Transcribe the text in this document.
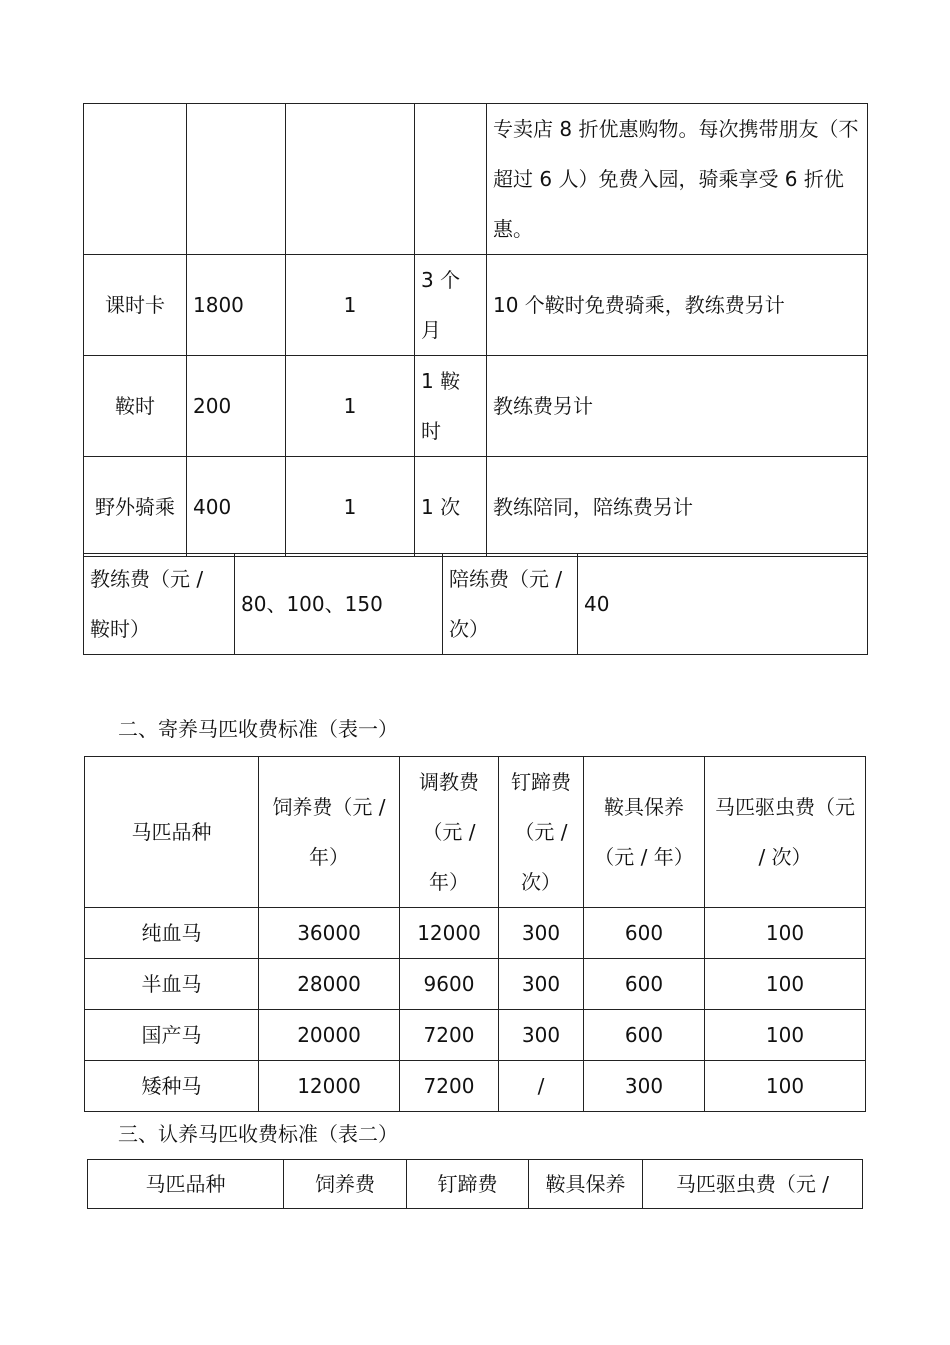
				专卖店 8 折优惠购物。每次携带朋友（不超过 6 人）免费入园，骑乘享受 6 折优惠。
课时卡	1800	1	3 个月	10 个鞍时免费骑乘，教练费另计
鞍时	200	1	1 鞍时	教练费另计
野外骑乘	400	1	1 次	教练陪同，陪练费另计
教练费（元 / 鞍时）	80、100、150	陪练费（元 / 次）	40
二、寄养马匹收费标准（表一）
马匹品种	饲养费（元 / 年）	调教费（元 / 年）	钉蹄费（元 / 次）	鞍具保养（元 / 年）	马匹驱虫费（元 / 次）
纯血马	36000	12000	300	600	100
半血马	28000	9600	300	600	100
国产马	20000	7200	300	600	100
矮种马	12000	7200	/	300	100
三、认养马匹收费标准（表二）
马匹品种	饲养费	钉蹄费	鞍具保养	马匹驱虫费（元 /
